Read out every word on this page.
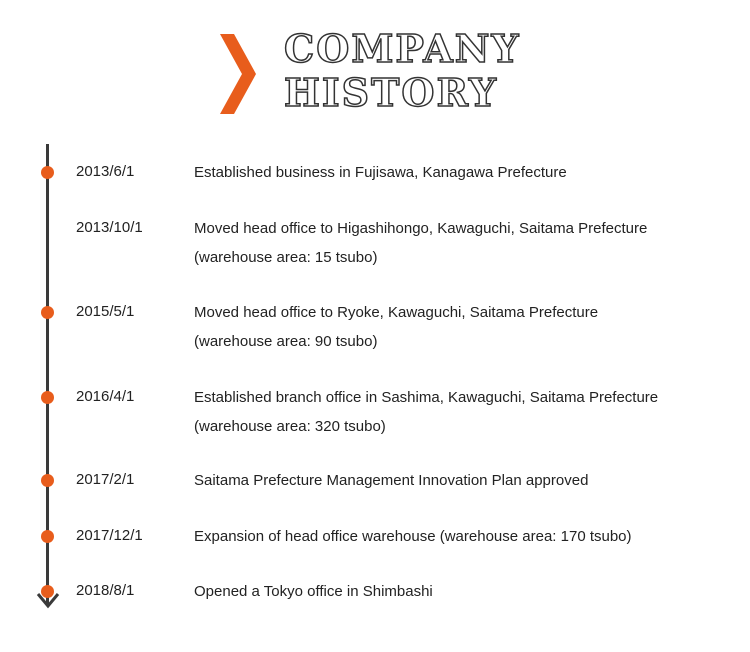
COMPANY
HISTORY
2013/6/1	Established business in Fujisawa, Kanagawa Prefecture
2013/10/1	Moved head office to Higashihongo, Kawaguchi, Saitama Prefecture
(warehouse area: 15 tsubo)
2015/5/1	Moved head office to Ryoke, Kawaguchi, Saitama Prefecture
(warehouse area: 90 tsubo)
2016/4/1	Established branch office in Sashima, Kawaguchi, Saitama Prefecture
(warehouse area: 320 tsubo)
2017/2/1	Saitama Prefecture Management Innovation Plan approved
2017/12/1	Expansion of head office warehouse (warehouse area: 170 tsubo)
2018/8/1	Opened a Tokyo office in Shimbashi
